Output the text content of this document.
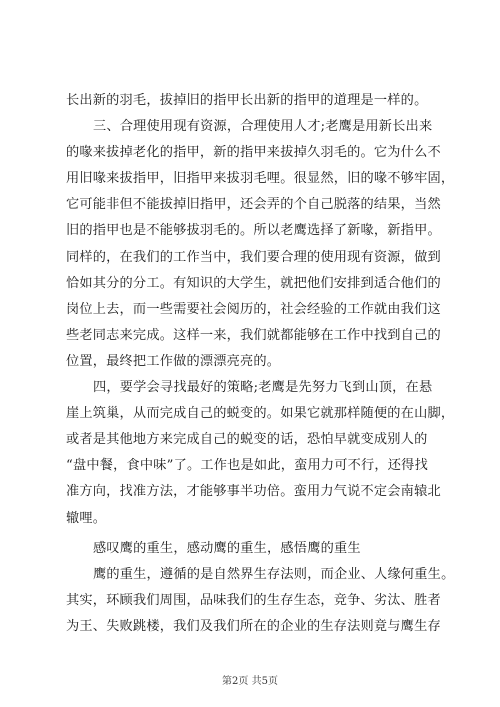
长出新的羽毛，拔掉旧的指甲长出新的指甲的道理是一样的。
三、合理使用现有资源，合理使用人才;老鹰是用新长出来
的喙来拔掉老化的指甲，新的指甲来拔掉久羽毛的。它为什么不
用旧喙来拔指甲，旧指甲来拔羽毛哩。很显然，旧的喙不够牢固，
它可能非但不能拔掉旧指甲，还会弄的个自己脱落的结果，当然
旧的指甲也是不能够拔羽毛的。所以老鹰选择了新喙，新指甲。
同样的，在我们的工作当中，我们要合理的使用现有资源，做到
恰如其分的分工。有知识的大学生，就把他们安排到适合他们的
岗位上去，而一些需要社会阅历的，社会经验的工作就由我们这
些老同志来完成。这样一来，我们就都能够在工作中找到自己的
位置，最终把工作做的漂漂亮亮的。
四，要学会寻找最好的策略;老鹰是先努力飞到山顶，在悬
崖上筑巢，从而完成自己的蜕变的。如果它就那样随便的在山脚，
或者是其他地方来完成自己的蜕变的话，恐怕早就变成别人的
“盘中餐，食中味”了。工作也是如此，蛮用力可不行，还得找
准方向，找准方法，才能够事半功倍。蛮用力气说不定会南辕北
辙哩。
感叹鹰的重生，感动鹰的重生，感悟鹰的重生
鹰的重生，遵循的是自然界生存法则，而企业、人缘何重生。
其实，环顾我们周围，品味我们的生存生态，竞争、劣汰、胜者
为王、失败跳楼，我们及我们所在的企业的生存法则竟与鹰生存
第2页 共5页
